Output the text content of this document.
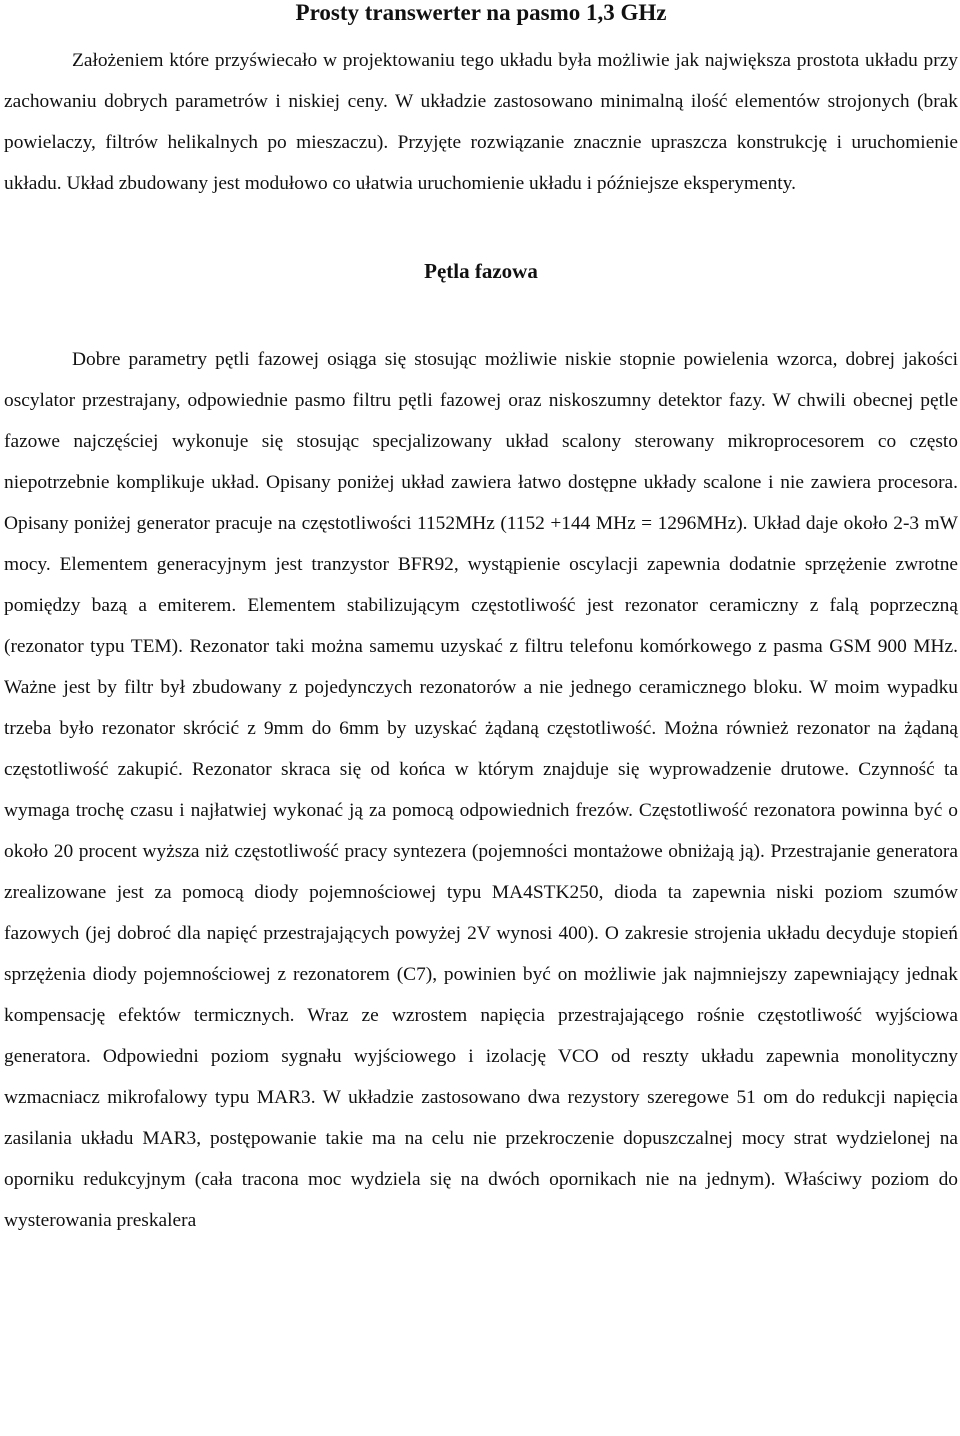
Prosty transwerter na pasmo 1,3 GHz

Założeniem które przyświecało w projektowaniu tego układu była możliwie jak największa prostota układu przy zachowaniu dobrych parametrów i niskiej ceny. W układzie zastosowano minimalną ilość elementów strojonych (brak powielaczy, filtrów helikalnych po mieszaczu). Przyjęte rozwiązanie znacznie upraszcza konstrukcję i uruchomienie układu. Układ zbudowany jest modułowo co ułatwia uruchomienie układu i późniejsze eksperymenty.

Pętla fazowa

Dobre parametry pętli fazowej osiąga się stosując możliwie niskie stopnie powielenia wzorca, dobrej jakości oscylator przestrajany, odpowiednie pasmo filtru pętli fazowej oraz niskoszumny detektor fazy. W chwili obecnej pętle fazowe najczęściej wykonuje się stosując specjalizowany układ scalony sterowany mikroprocesorem co często niepotrzebnie komplikuje układ. Opisany poniżej układ zawiera łatwo dostępne układy scalone i nie zawiera procesora. Opisany poniżej generator pracuje na częstotliwości 1152MHz (1152 +144 MHz = 1296MHz). Układ daje około 2-3 mW mocy. Elementem generacyjnym jest tranzystor BFR92, wystąpienie oscylacji zapewnia dodatnie sprzężenie zwrotne pomiędzy bazą a emiterem. Elementem stabilizującym częstotliwość jest rezonator ceramiczny z falą poprzeczną (rezonator typu TEM). Rezonator taki można samemu uzyskać z filtru telefonu komórkowego z pasma GSM 900 MHz. Ważne jest by filtr był zbudowany z pojedynczych rezonatorów a nie jednego ceramicznego bloku. W moim wypadku trzeba było rezonator skrócić z 9mm do 6mm by uzyskać żądaną częstotliwość. Można również rezonator na żądaną częstotliwość zakupić. Rezonator skraca się od końca w którym znajduje się wyprowadzenie drutowe. Czynność ta wymaga trochę czasu i najłatwiej wykonać ją za pomocą odpowiednich frezów. Częstotliwość rezonatora powinna być o około 20 procent wyższa niż częstotliwość pracy syntezera (pojemności montażowe obniżają ją). Przestrajanie generatora zrealizowane jest za pomocą diody pojemnościowej typu MA4STK250, dioda ta zapewnia niski poziom szumów fazowych (jej dobroć dla napięć przestrajających powyżej 2V wynosi 400). O zakresie strojenia układu decyduje stopień sprzężenia diody pojemnościowej z rezonatorem (C7), powinien być on możliwie jak najmniejszy zapewniający jednak kompensację efektów termicznych. Wraz ze wzrostem napięcia przestrajającego rośnie częstotliwość wyjściowa generatora. Odpowiedni poziom sygnału wyjściowego i izolację VCO od reszty układu zapewnia monolityczny wzmacniacz mikrofalowy typu MAR3. W układzie zastosowano dwa rezystory szeregowe 51 om do redukcji napięcia zasilania układu MAR3, postępowanie takie ma na celu nie przekroczenie dopuszczalnej mocy strat wydzielonej na oporniku redukcyjnym (cała tracona moc wydziela się na dwóch opornikach nie na jednym). Właściwy poziom do wysterowania preskalera
